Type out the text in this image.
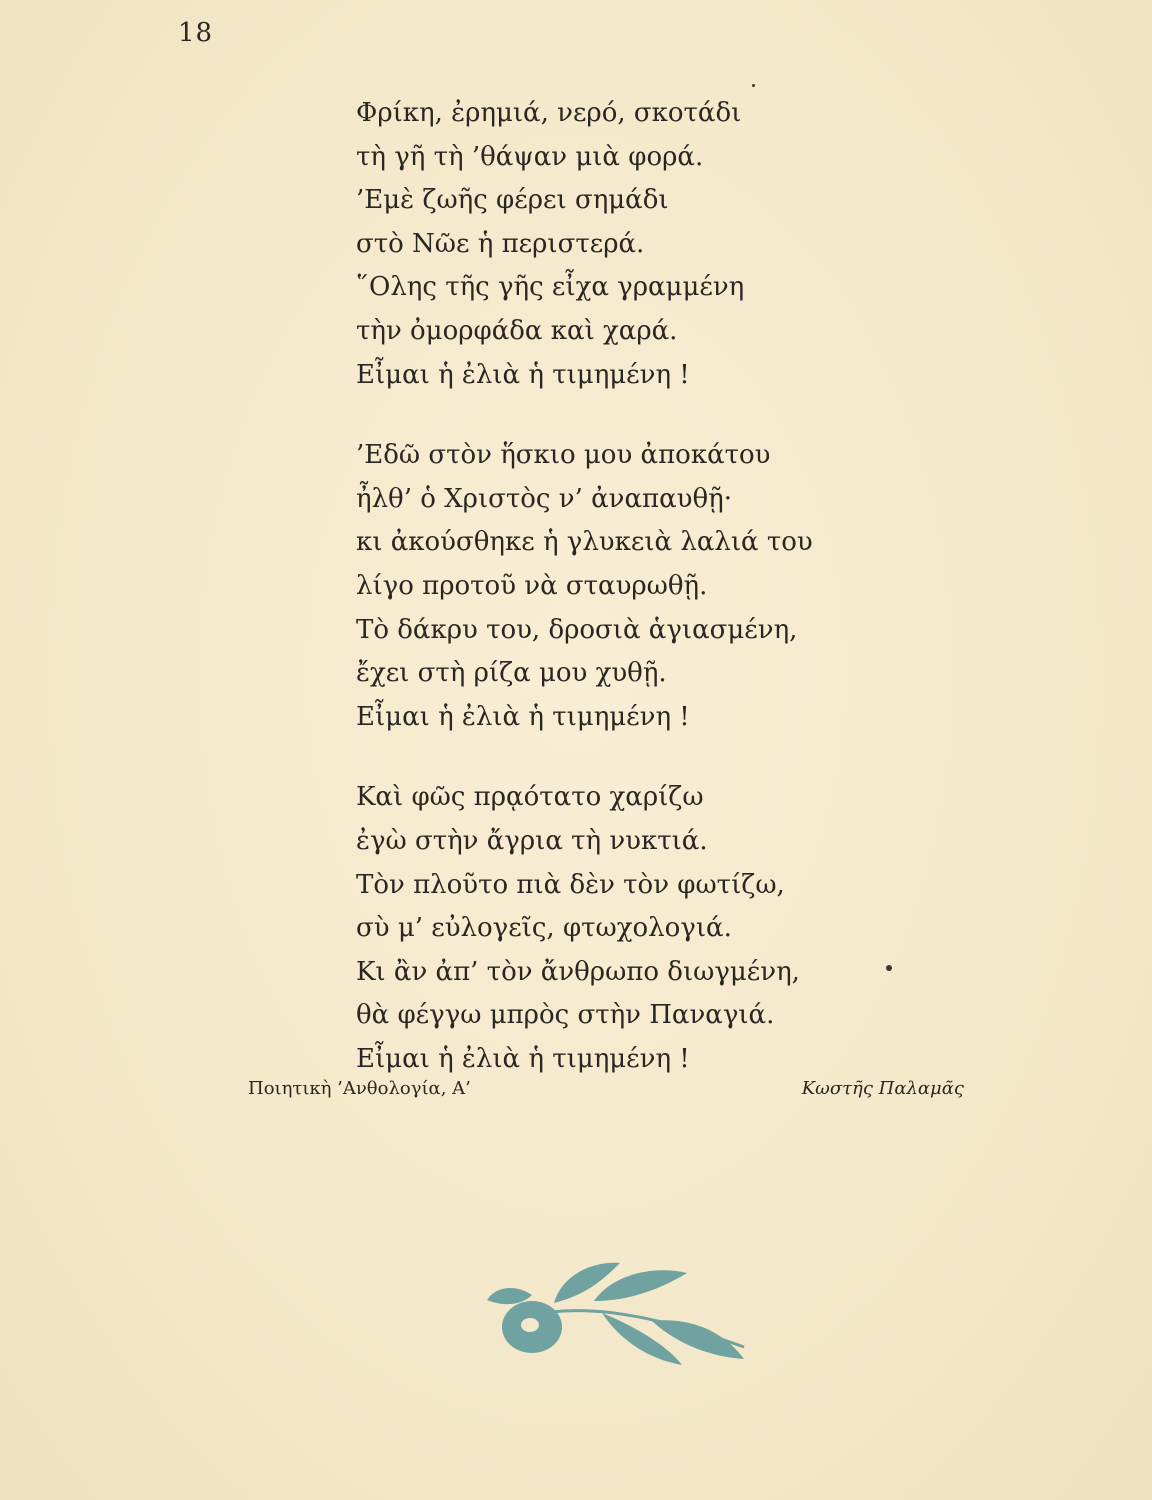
18
Φρίκη, ἐρημιά, νερό, σκοτάδι
τὴ γῆ τὴ ’θάψαν μιὰ φορά.
’Εμὲ ζωῆς φέρει σημάδι
στὸ Νῶε ἡ περιστερά.
῞Ολης τῆς γῆς εἶχα γραμμένη
τὴν ὀμορφάδα καὶ χαρά.
Εἶμαι ἡ ἐλιὰ ἡ τιμημένη !
’Εδῶ στὸν ἥσκιο μου ἀποκάτου
ἦλθ’ ὁ Χριστὸς ν’ ἀναπαυθῇ·
κι ἀκούσθηκε ἡ γλυκειὰ λαλιά του
λίγο προτοῦ νὰ σταυρωθῇ.
Τὸ δάκρυ του, δροσιὰ ἁγιασμένη,
ἔχει στὴ ρίζα μου χυθῇ.
Εἶμαι ἡ ἐλιὰ ἡ τιμημένη !
Καὶ φῶς πρᾳότατο χαρίζω
ἐγὼ στὴν ἄγρια τὴ νυκτιά.
Τὸν πλοῦτο πιὰ δὲν τὸν φωτίζω,
σὺ μ’ εὐλογεῖς, φτωχολογιά.
Κι ἂν ἀπ’ τὸν ἄνθρωπο διωγμένη,
θὰ φέγγω μπρὸς στὴν Παναγιά.
Εἶμαι ἡ ἐλιὰ ἡ τιμημένη !
Ποιητικὴ ’Ανθολογία, Α’	Κωστῆς Παλαμᾶς
